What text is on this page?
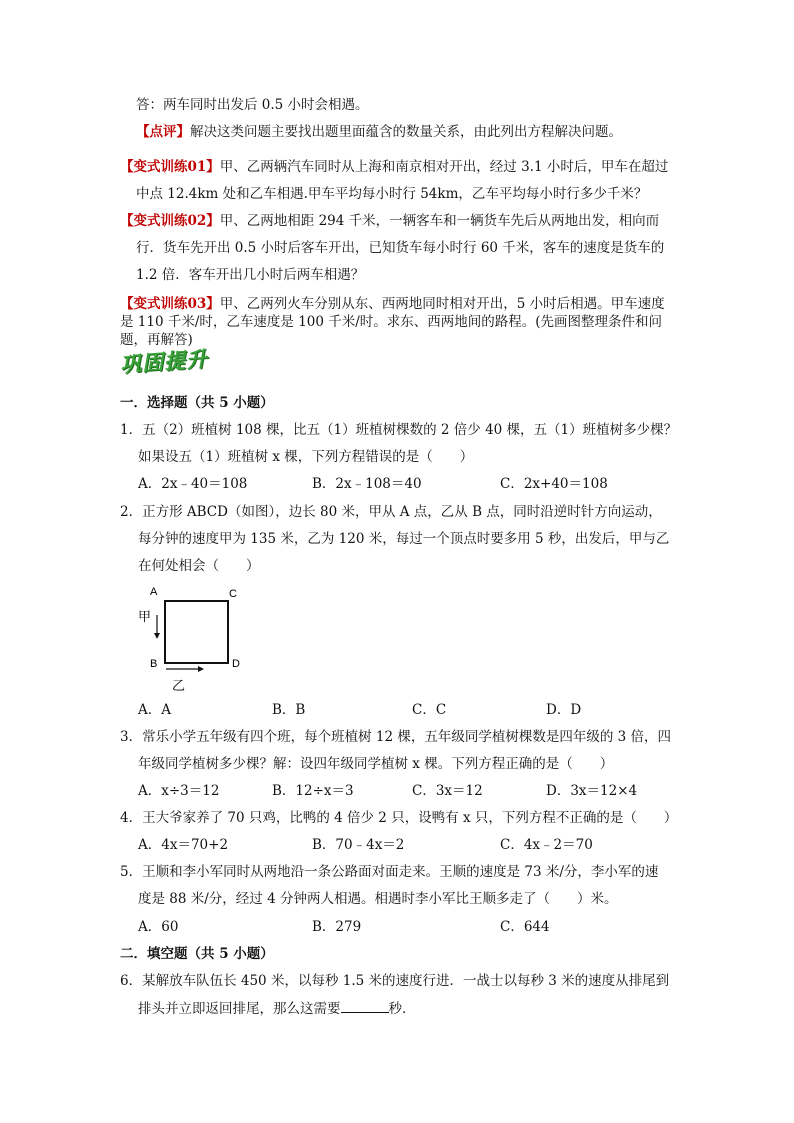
答：两车同时出发后 0.5 小时会相遇。
【点评】解决这类问题主要找出题里面蕴含的数量关系，由此列出方程解决问题。
【变式训练01】甲、乙两辆汽车同时从上海和南京相对开出，经过 3.1 小时后，甲车在超过
中点 12.4km 处和乙车相遇.甲车平均每小时行 54km，乙车平均每小时行多少千米？
【变式训练02】甲、乙两地相距 294 千米，一辆客车和一辆货车先后从两地出发，相向而
行．货车先开出 0.5 小时后客车开出，已知货车每小时行 60 千米，客车的速度是货车的
1.2 倍．客车开出几小时后两车相遇？
【变式训练03】甲、乙两列火车分别从东、西两地同时相对开出，5 小时后相遇。甲车速度
是 110 千米/时，乙车速度是 100 千米/时。求东、西两地间的路程。(先画图整理条件和问
题，再解答)
巩固提升
一．选择题（共 5 小题）
1．五（2）班植树 108 棵，比五（1）班植树棵数的 2 倍少 40 棵，五（1）班植树多少棵？
如果设五（1）班植树 x 棵，下列方程错误的是（　　）
A．2x﹣40＝108	B．2x﹣108＝40	C．2x+40＝108
2．正方形 ABCD（如图），边长 80 米，甲从 A 点，乙从 B 点，同时沿逆时针方向运动，
每分钟的速度甲为 135 米，乙为 120 米，每过一个顶点时要多用 5 秒，出发后，甲与乙
在何处相会（　　）
A	C
B	D
甲
乙
A．A	B．B	C．C	D．D
3．常乐小学五年级有四个班，每个班植树 12 棵，五年级同学植树棵数是四年级的 3 倍，四
年级同学植树多少棵？解：设四年级同学植树 x 棵。下列方程正确的是（　　）
A．x÷3＝12	B．12÷x＝3	C．3x＝12	D．3x＝12×4
4．王大爷家养了 70 只鸡，比鸭的 4 倍少 2 只，设鸭有 x 只，下列方程不正确的是（　　）
A．4x＝70+2	B．70﹣4x＝2	C．4x﹣2＝70
5．王顺和李小军同时从两地沿一条公路面对面走来。王顺的速度是 73 米/分，李小军的速
度是 88 米/分，经过 4 分钟两人相遇。相遇时李小军比王顺多走了（　　）米。
A．60	B．279	C．644
二．填空题（共 5 小题）
6．某解放车队伍长 450 米，以每秒 1.5 米的速度行进．一战士以每秒 3 米的速度从排尾到
排头并立即返回排尾，那么这需要	秒．
